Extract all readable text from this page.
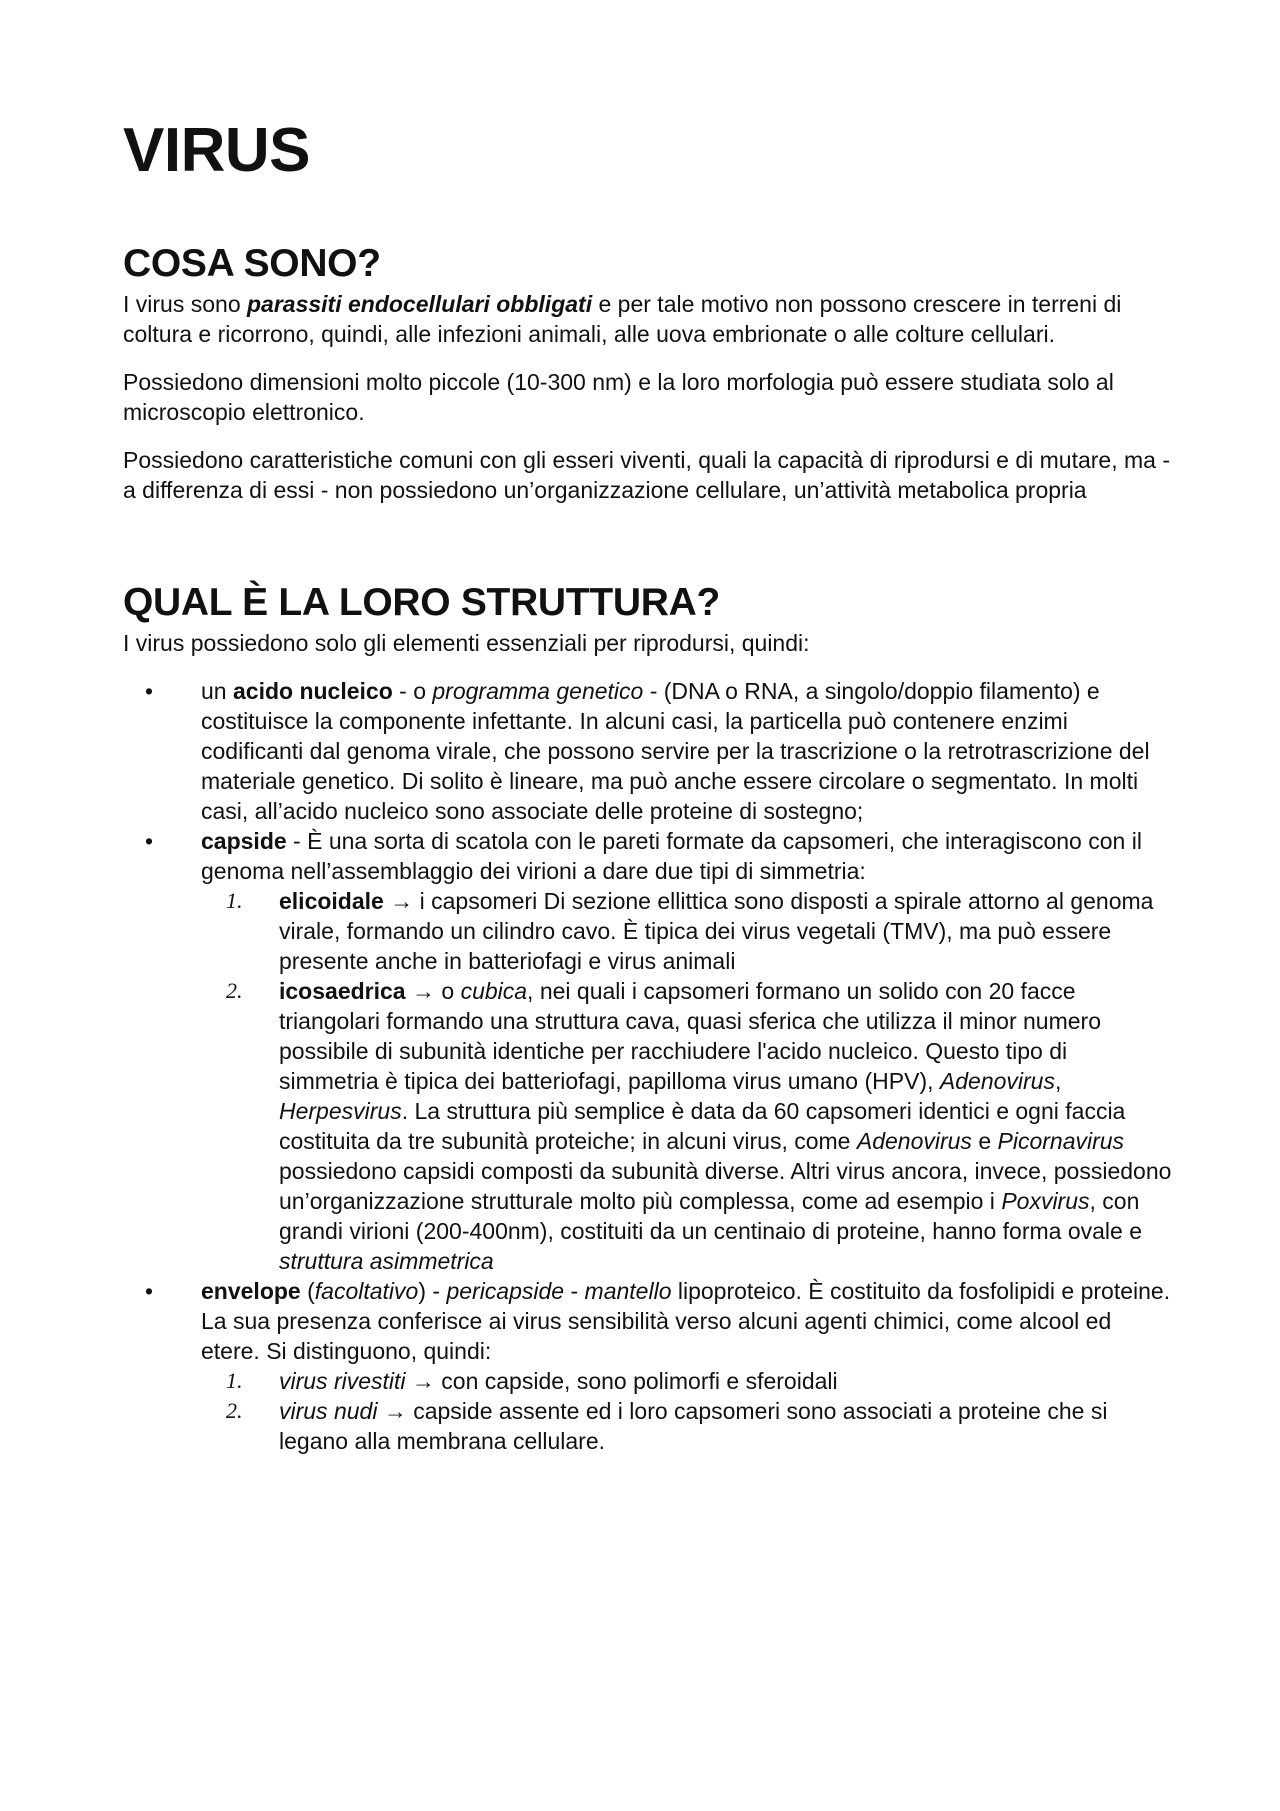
VIRUS
COSA SONO?

I virus sono parassiti endocellulari obbligati e per tale motivo non possono crescere in terreni di coltura e ricorrono, quindi, alle infezioni animali, alle uova embrionate o alle colture cellulari.

Possiedono dimensioni molto piccole (10-300 nm) e la loro morfologia può essere studiata solo al microscopio elettronico.

Possiedono caratteristiche comuni con gli esseri viventi, quali la capacità di riprodursi e di mutare, ma - a differenza di essi - non possiedono un’organizzazione cellulare, un’attività metabolica propria

QUAL È LA LORO STRUTTURA?

I virus possiedono solo gli elementi essenziali per riprodursi, quindi:

•	un acido nucleico - o programma genetico - (DNA o RNA, a singolo/doppio filamento) e costituisce la componente infettante. In alcuni casi, la particella può contenere enzimi codificanti dal genoma virale, che possono servire per la trascrizione o la retrotrascrizione del materiale genetico. Di solito è lineare, ma può anche essere circolare o segmentato. In molti casi, all’acido nucleico sono associate delle proteine di sostegno;
•	capside - È una sorta di scatola con le pareti formate da capsomeri, che interagiscono con il genoma nell’assemblaggio dei virioni a dare due tipi di simmetria:
1. elicoidale → i capsomeri Di sezione ellittica sono disposti a spirale attorno al genoma virale, formando un cilindro cavo. È tipica dei virus vegetali (TMV), ma può essere presente anche in batteriofagi e virus animali
2. icosaedrica → o cubica, nei quali i capsomeri formano un solido con 20 facce triangolari formando una struttura cava, quasi sferica che utilizza il minor numero possibile di subunità identiche per racchiudere l'acido nucleico. Questo tipo di simmetria è tipica dei batteriofagi, papilloma virus umano (HPV), Adenovirus, Herpesvirus. La struttura più semplice è data da 60 capsomeri identici e ogni faccia costituita da tre subunità proteiche; in alcuni virus, come Adenovirus e Picornavirus possiedono capsidi composti da subunità diverse. Altri virus ancora, invece, possiedono un’organizzazione strutturale molto più complessa, come ad esempio i Poxvirus, con grandi virioni (200-400nm), costituiti da un centinaio di proteine, hanno forma ovale e struttura asimmetrica
•	envelope (facoltativo) - pericapside - mantello lipoproteico. È costituito da fosfolipidi e proteine. La sua presenza conferisce ai virus sensibilità verso alcuni agenti chimici, come alcool ed etere. Si distinguono, quindi:
1. virus rivestiti → con capside, sono polimorfi e sferoidali
2. virus nudi → capside assente ed i loro capsomeri sono associati a proteine che si legano alla membrana cellulare.
